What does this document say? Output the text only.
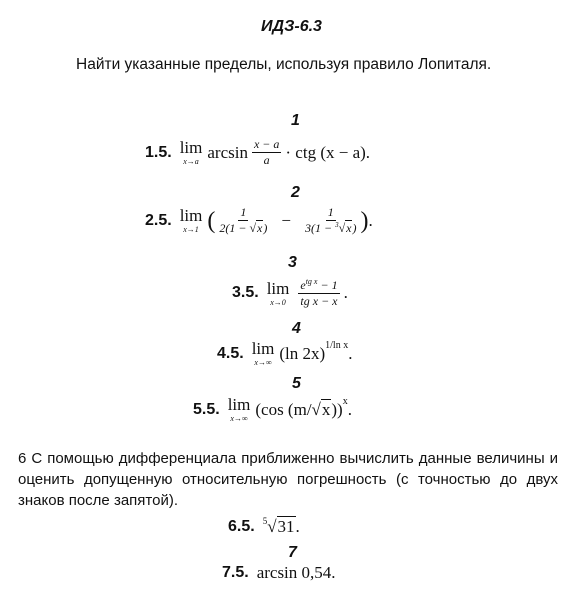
ИДЗ-6.3
Найти указанные пределы, используя правило Лопиталя.
1
1.5. lim
x→a $\arcsin \frac{x - a}{a}$ · ctg (x − a).
2
2.5. lim
x→1 ( $\frac{1}{2(1 - √x)} - \frac{1}{3(1 - ^3√x)}$ ) .
3
3.5. lim
$x\to 0 \frac{e^{tg x} - 1}{\text{tg x − x}}$ .
4
4.5. lim
x→∞ (ln 2x) 1/ln x .
5
5.5. lim
x→∞ (cos (m/ √ x )) x .
6 С помощью дифференциала приближенно вычислить данные величины и оценить допущенную относительную погрешность (с точностью до двух знаков после запятой).
6.5. $^5$ √ 31 .
7
7.5. arcsin 0,54.
